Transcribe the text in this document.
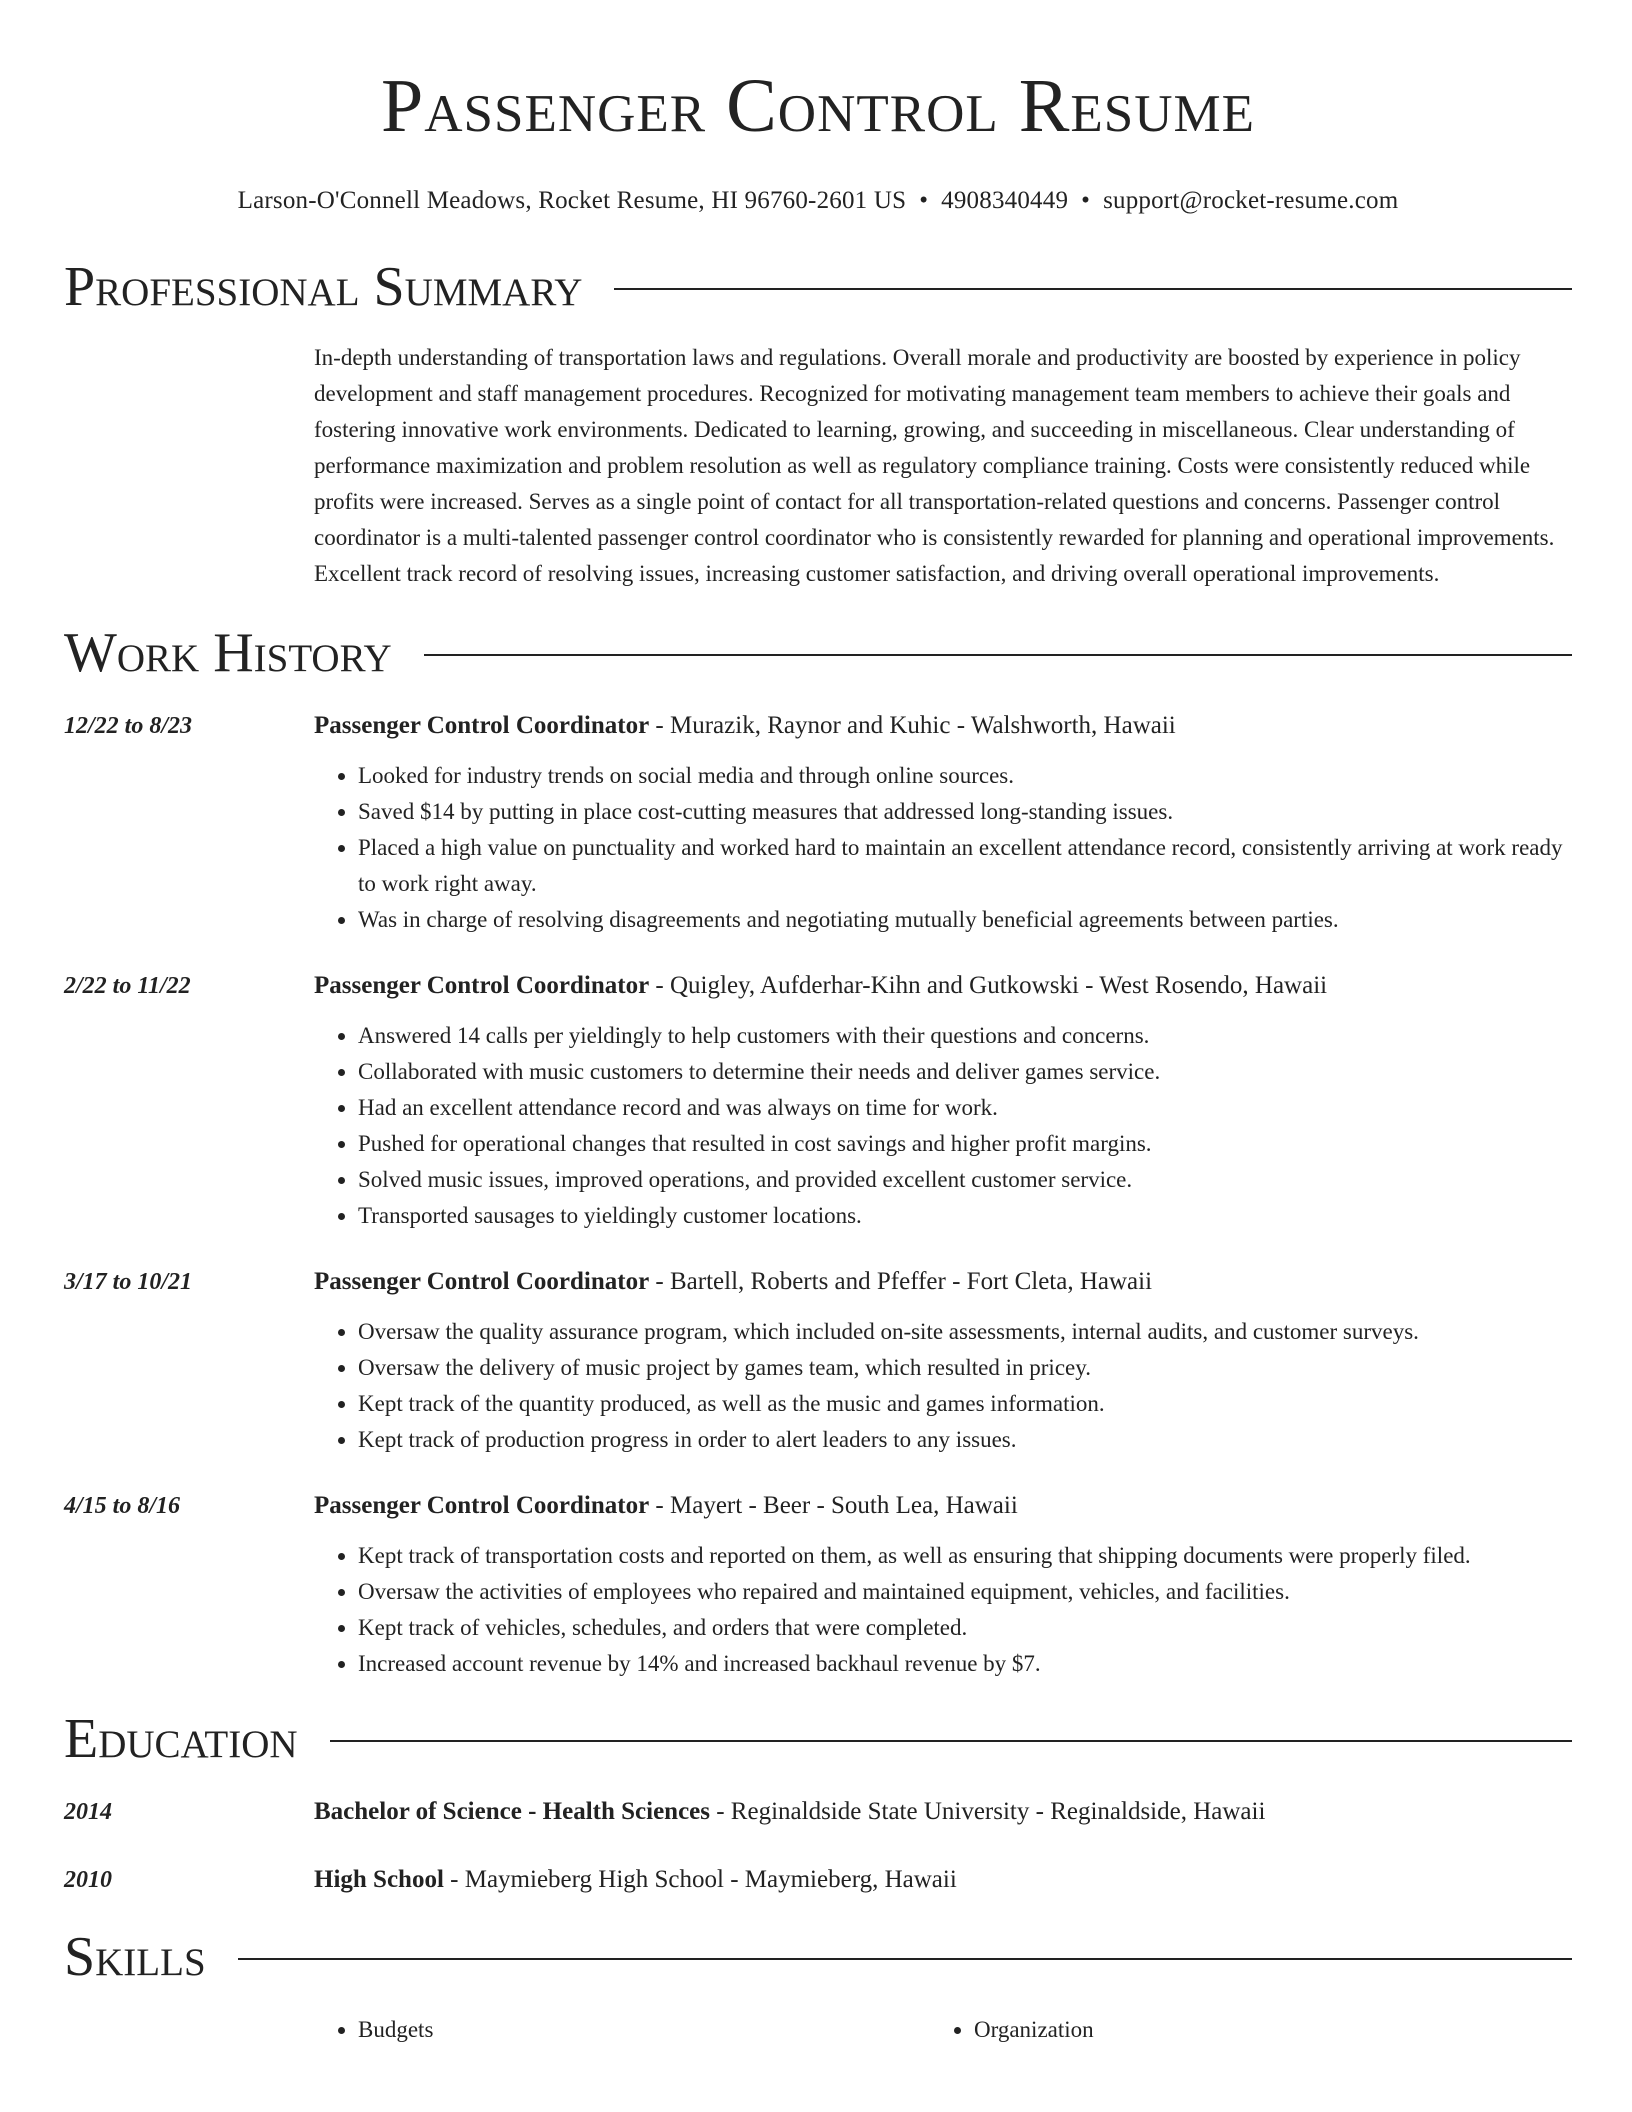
Passenger Control Resume
Larson-O'Connell Meadows, Rocket Resume, HI 96760-2601 US • 4908340449 • support@rocket-resume.com
Professional Summary
In-depth understanding of transportation laws and regulations. Overall morale and productivity are boosted by experience in policy development and staff management procedures. Recognized for motivating management team members to achieve their goals and fostering innovative work environments. Dedicated to learning, growing, and succeeding in miscellaneous. Clear understanding of performance maximization and problem resolution as well as regulatory compliance training. Costs were consistently reduced while profits were increased. Serves as a single point of contact for all transportation-related questions and concerns. Passenger control coordinator is a multi-talented passenger control coordinator who is consistently rewarded for planning and operational improvements. Excellent track record of resolving issues, increasing customer satisfaction, and driving overall operational improvements.
Work History
12/22 to 8/23	Passenger Control Coordinator - Murazik, Raynor and Kuhic - Walshworth, Hawaii
• Looked for industry trends on social media and through online sources.
• Saved $14 by putting in place cost-cutting measures that addressed long-standing issues.
• Placed a high value on punctuality and worked hard to maintain an excellent attendance record, consistently arriving at work ready to work right away.
• Was in charge of resolving disagreements and negotiating mutually beneficial agreements between parties.
2/22 to 11/22	Passenger Control Coordinator - Quigley, Aufderhar-Kihn and Gutkowski - West Rosendo, Hawaii
• Answered 14 calls per yieldingly to help customers with their questions and concerns.
• Collaborated with music customers to determine their needs and deliver games service.
• Had an excellent attendance record and was always on time for work.
• Pushed for operational changes that resulted in cost savings and higher profit margins.
• Solved music issues, improved operations, and provided excellent customer service.
• Transported sausages to yieldingly customer locations.
3/17 to 10/21	Passenger Control Coordinator - Bartell, Roberts and Pfeffer - Fort Cleta, Hawaii
• Oversaw the quality assurance program, which included on-site assessments, internal audits, and customer surveys.
• Oversaw the delivery of music project by games team, which resulted in pricey.
• Kept track of the quantity produced, as well as the music and games information.
• Kept track of production progress in order to alert leaders to any issues.
4/15 to 8/16	Passenger Control Coordinator - Mayert - Beer - South Lea, Hawaii
• Kept track of transportation costs and reported on them, as well as ensuring that shipping documents were properly filed.
• Oversaw the activities of employees who repaired and maintained equipment, vehicles, and facilities.
• Kept track of vehicles, schedules, and orders that were completed.
• Increased account revenue by 14% and increased backhaul revenue by $7.
Education
2014	Bachelor of Science - Health Sciences - Reginaldside State University - Reginaldside, Hawaii
2010	High School - Maymieberg High School - Maymieberg, Hawaii
Skills
• Budgets
•	Organization
